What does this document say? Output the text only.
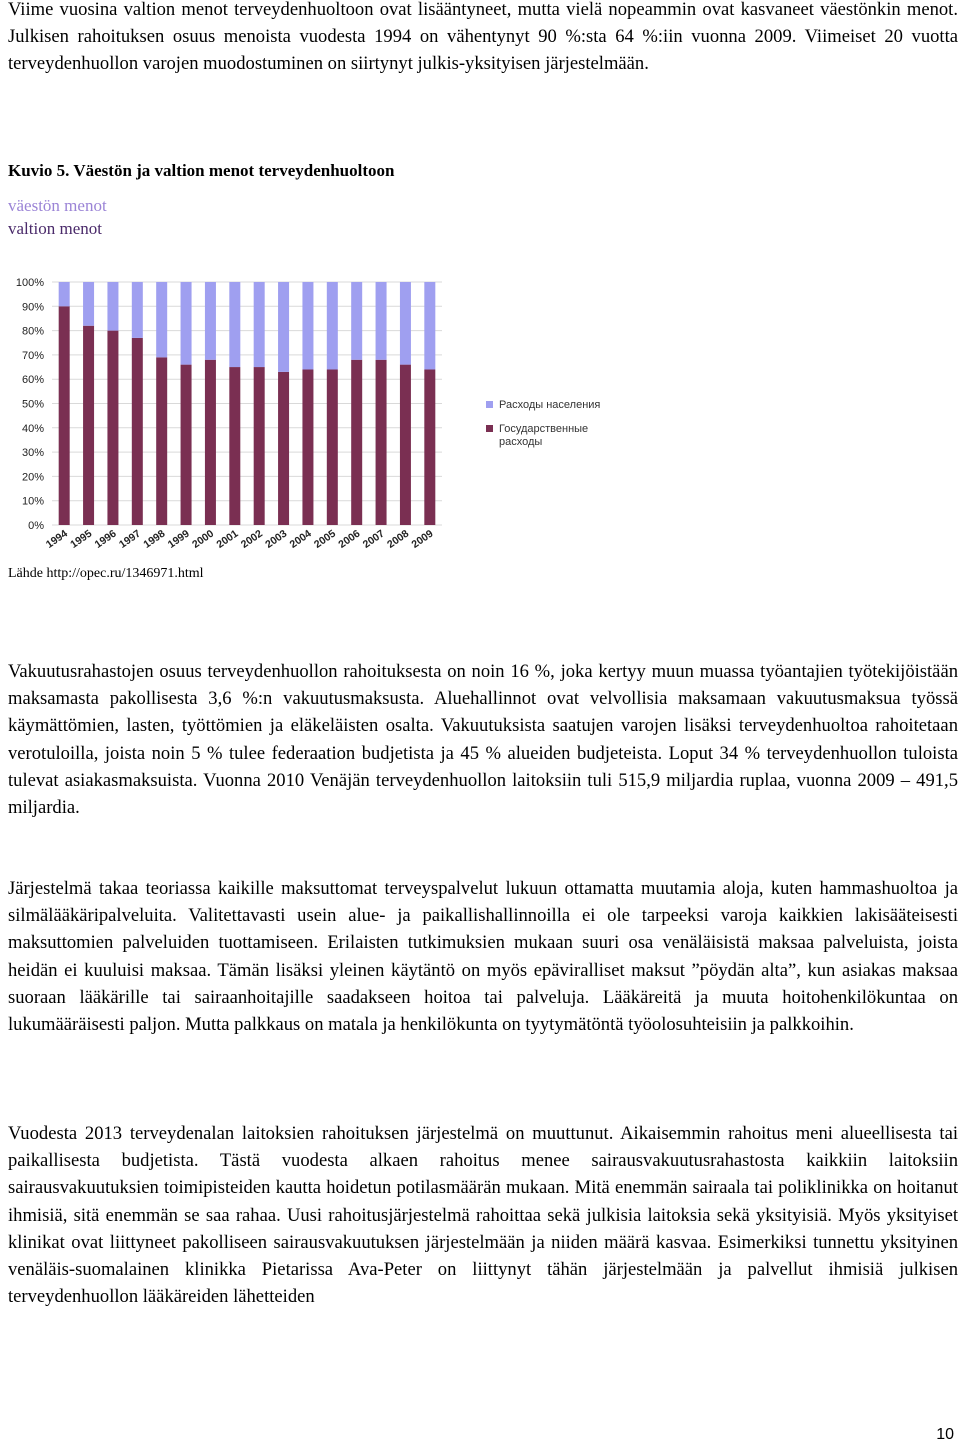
Viime vuosina valtion menot terveydenhuoltoon ovat lisääntyneet, mutta vielä nopeammin ovat kasvaneet väestönkin menot. Julkisen rahoituksen osuus menoista vuodesta 1994 on vähentynyt 90 %:sta 64 %:iin vuonna 2009. Viimeiset 20 vuotta terveydenhuollon varojen muodostuminen on siirtynyt julkis-yksityisen järjestelmään.

Kuvio 5. Väestön ja valtion menot terveydenhuoltoon

väestön menot

valtion menot

0%
10%
20%
30%
40%
50%
60%
70%
80%
90%
100%
1994
1995
1996
1997
1998
1999
2000
2001
2002
2003
2004
2005
2006
2007
2008
2009
Расходы населения
Государственные
расходы

Lähde http://opec.ru/1346971.html

Vakuutusrahastojen osuus terveydenhuollon rahoituksesta on noin 16 %, joka kertyy muun muassa työantajien työtekijöistään maksamasta pakollisesta 3,6 %:n vakuutusmaksusta. Aluehallinnot ovat velvollisia maksamaan vakuutusmaksua työssä käymättömien, lasten, työttömien ja eläkeläisten osalta. Vakuutuksista saatujen varojen lisäksi terveydenhuoltoa rahoitetaan verotuloilla, joista noin 5 % tulee federaation budjetista ja 45 % alueiden budjeteista. Loput 34 % terveydenhuollon tuloista tulevat asiakasmaksuista. Vuonna 2010 Venäjän terveydenhuollon laitoksiin tuli 515,9 miljardia ruplaa, vuonna 2009 – 491,5 miljardia.

Järjestelmä takaa teoriassa kaikille maksuttomat terveyspalvelut lukuun ottamatta muutamia aloja, kuten hammashuoltoa ja silmälääkäripalveluita. Valitettavasti usein alue- ja paikallishallinnoilla ei ole tarpeeksi varoja kaikkien lakisääteisesti maksuttomien palveluiden tuottamiseen. Erilaisten tutkimuksien mukaan suuri osa venäläisistä maksaa palveluista, joista heidän ei kuuluisi maksaa. Tämän lisäksi yleinen käytäntö on myös epäviralliset maksut ”pöydän alta”, kun asiakas maksaa suoraan lääkärille tai sairaanhoitajille saadakseen hoitoa tai palveluja. Lääkäreitä ja muuta hoitohenkilökuntaa on lukumääräisesti paljon. Mutta palkkaus on matala ja henkilökunta on tyytymätöntä työolosuhteisiin ja palkkoihin.

Vuodesta 2013 terveydenalan laitoksien rahoituksen järjestelmä on muuttunut. Aikaisemmin rahoitus meni alueellisesta tai paikallisesta budjetista. Tästä vuodesta alkaen rahoitus menee sairausvakuutusrahastosta kaikkiin laitoksiin sairausvakuutuksien toimipisteiden kautta hoidetun potilasmäärän mukaan. Mitä enemmän sairaala tai poliklinikka on hoitanut ihmisiä, sitä enemmän se saa rahaa. Uusi rahoitusjärjestelmä rahoittaa sekä julkisia laitoksia sekä yksityisiä. Myös yksityiset klinikat ovat liittyneet pakolliseen sairausvakuutuksen järjestelmään ja niiden määrä kasvaa. Esimerkiksi tunnettu yksityinen venäläis-suomalainen klinikka Pietarissa Ava-Peter on liittynyt tähän järjestelmään ja palvellut ihmisiä julkisen terveydenhuollon lääkäreiden lähetteiden

10
